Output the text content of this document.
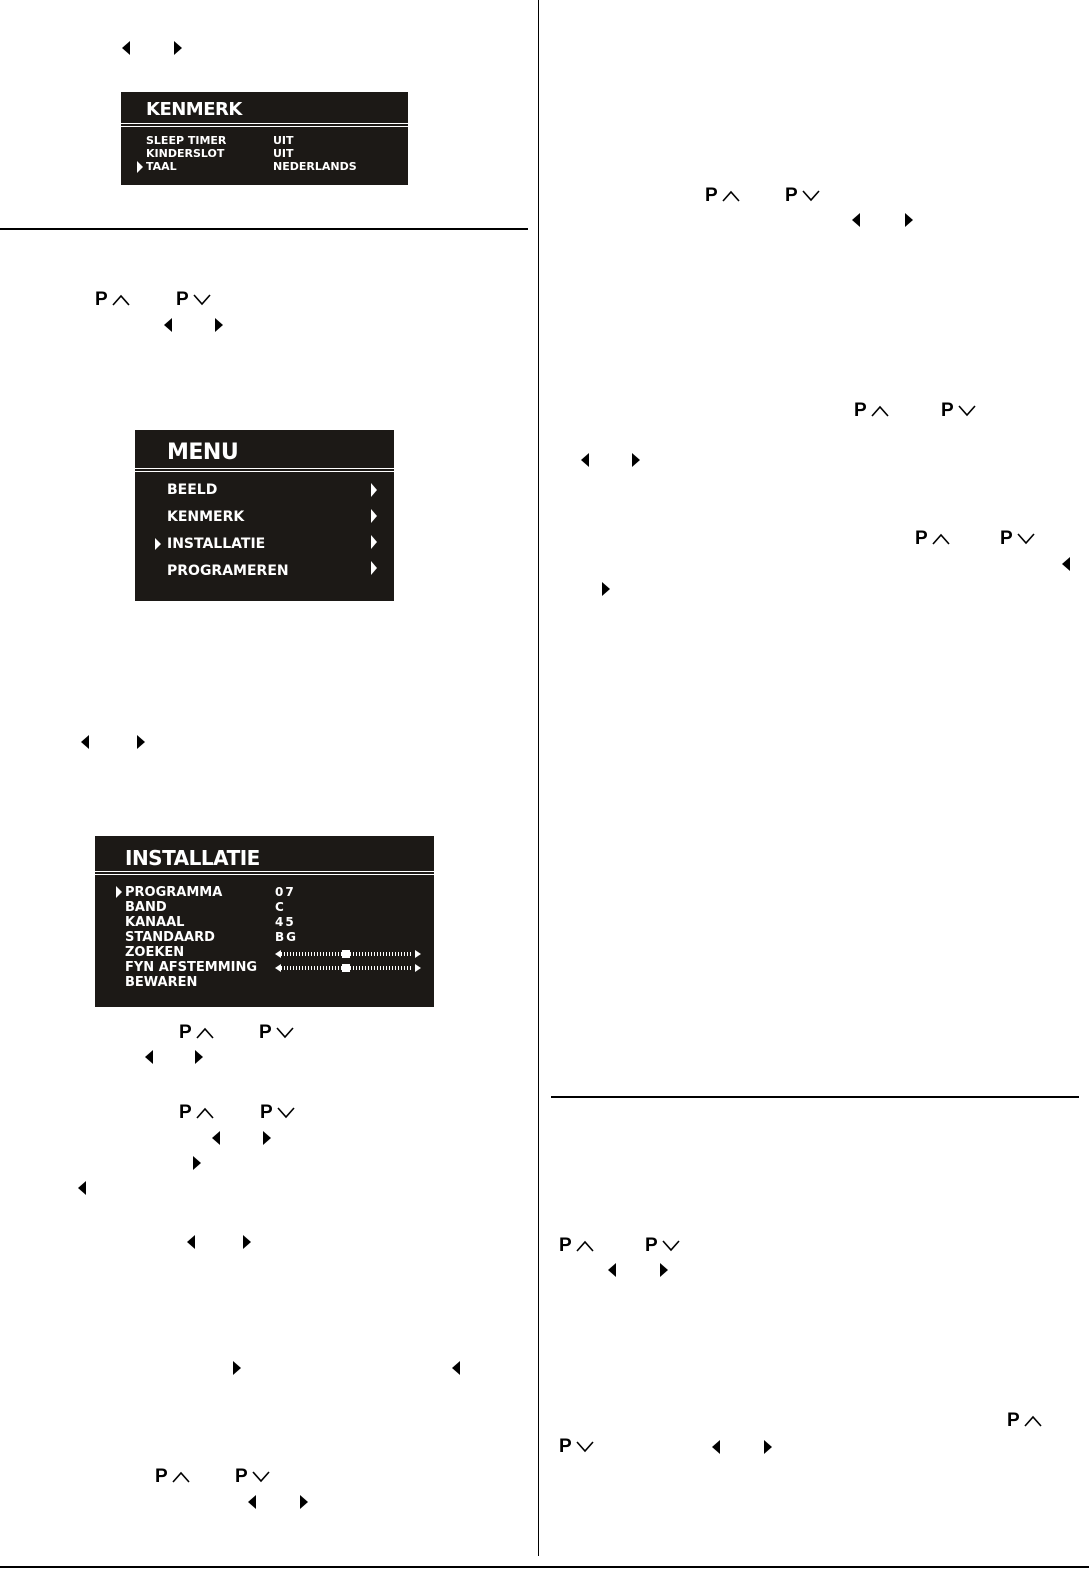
KENMERK
SLEEP TIMER	UIT
KINDERSLOT	UIT
TAAL	NEDERLANDS
P	P
MENU
BEELD
KENMERK
INSTALLATIE
PROGRAMEREN
INSTALLATIE
PROGRAMMA	07
BAND	C
KANAAL	45
STANDAARD	BG
ZOEKEN
FYN AFSTEMMING
BEWAREN
P	P
P	P
P	P
P	P
P	P
P	P
P	P
P
P
